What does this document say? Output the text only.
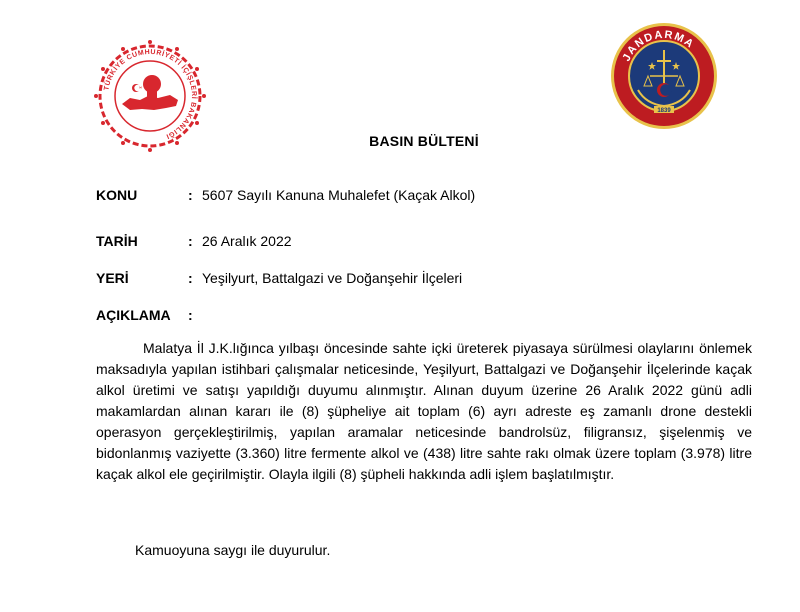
TÜRKİYE CUMHURİYETİ İÇİŞLERİ BAKANLIĞI
JANDARMA
1839
BASIN BÜLTENİ
KONU	: 5607 Sayılı Kanuna Muhalefet (Kaçak Alkol)
TARİH	: 26 Aralık 2022
YERİ	: Yeşilyurt, Battalgazi ve Doğanşehir İlçeleri
AÇIKLAMA :

Malatya İl J.K.lığınca yılbaşı öncesinde sahte içki üreterek piyasaya sürülmesi olaylarını önlemek maksadıyla yapılan istihbari çalışmalar neticesinde, Yeşilyurt, Battalgazi ve Doğanşehir İlçelerinde kaçak alkol üretimi ve satışı yapıldığı duyumu alınmıştır. Alınan duyum üzerine 26 Aralık 2022 günü adli makamlardan alınan kararı ile (8) şüpheliye ait toplam (6) ayrı adreste eş zamanlı drone destekli operasyon gerçekleştirilmiş, yapılan aramalar neticesinde bandrolsüz, filigransız, şişelenmiş ve bidonlanmış vaziyette (3.360) litre fermente alkol ve (438) litre sahte rakı olmak üzere toplam (3.978) litre kaçak alkol ele geçirilmiştir. Olayla ilgili (8) şüpheli hakkında adli işlem başlatılmıştır.

Kamuoyuna saygı ile duyurulur.
